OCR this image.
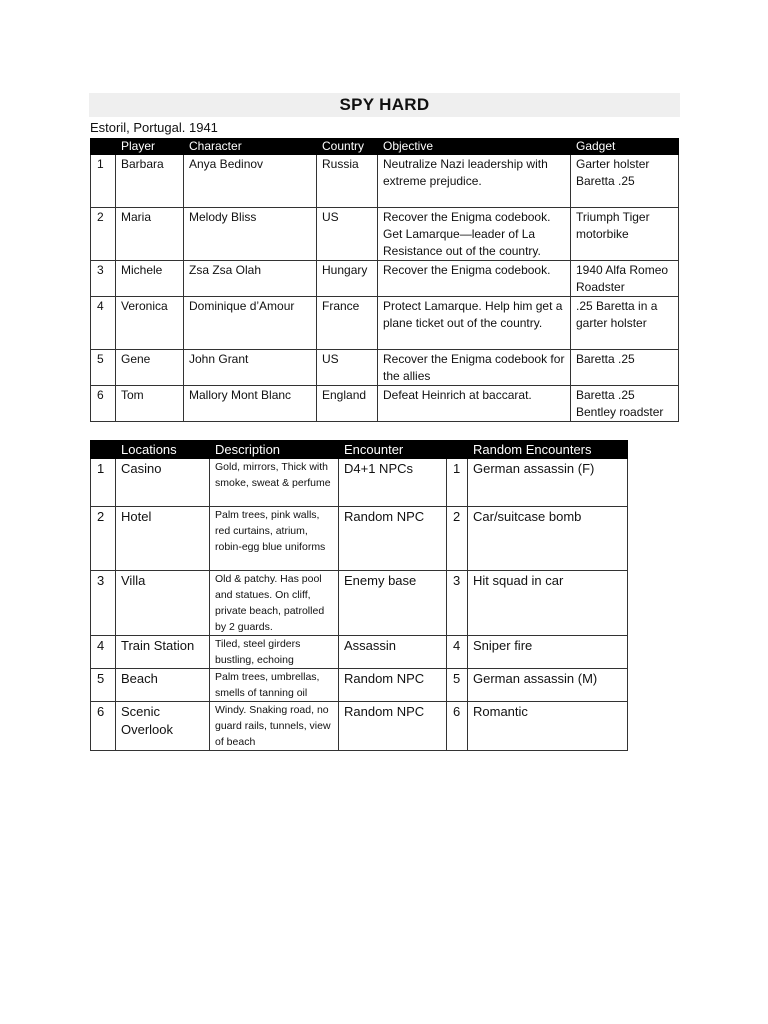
SPY HARD
Estoril, Portugal. 1941
	Player	Character	Country	Objective	Gadget
1	Barbara	Anya Bedinov	Russia	Neutralize Nazi leadership with extreme prejudice.	Garter holster Baretta .25
2	Maria	Melody Bliss	US	Recover the Enigma codebook. Get Lamarque—leader of La Resistance out of the country.	Triumph Tiger motorbike
3	Michele	Zsa Zsa Olah	Hungary	Recover the Enigma codebook.	1940 Alfa Romeo Roadster
4	Veronica	Dominique d’Amour	France	Protect Lamarque. Help him get a plane ticket out of the country.	.25 Baretta in a garter holster
5	Gene	John Grant	US	Recover the Enigma codebook for the allies	Baretta .25
6	Tom	Mallory Mont Blanc	England	Defeat Heinrich at baccarat.	Baretta .25 Bentley roadster
	Locations	Description	Encounter		Random Encounters
1	Casino	Gold, mirrors, Thick with smoke, sweat & perfume	D4+1 NPCs	1	German assassin (F)
2	Hotel	Palm trees, pink walls, red curtains, atrium, robin-egg blue uniforms	Random NPC	2	Car/suitcase bomb
3	Villa	Old & patchy. Has pool and statues. On cliff, private beach, patrolled by 2 guards.	Enemy base	3	Hit squad in car
4	Train Station	Tiled, steel girders bustling, echoing	Assassin	4	Sniper fire
5	Beach	Palm trees, umbrellas, smells of tanning oil	Random NPC	5	German assassin (M)
6	Scenic Overlook	Windy. Snaking road, no guard rails, tunnels, view of beach	Random NPC	6	Romantic
